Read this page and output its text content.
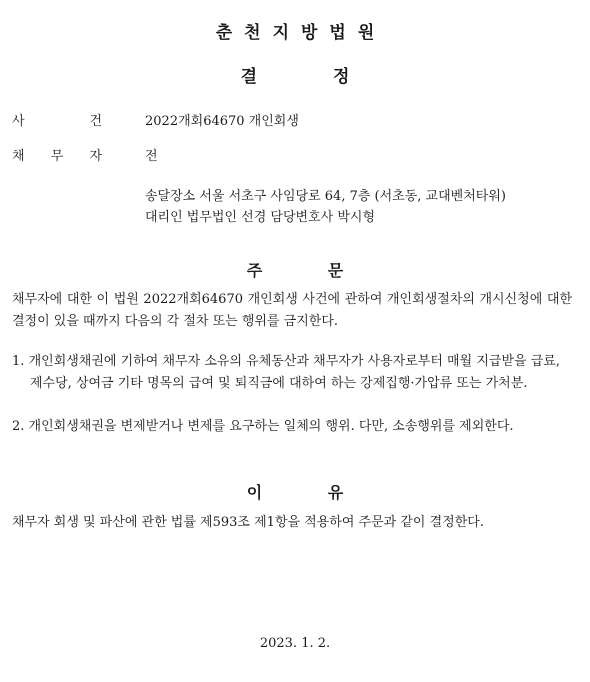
춘천지방법원
결 정
사	건	2022개회64670 개인회생
채 무 자	전
송달장소 서울 서초구 사임당로 64, 7층 (서초동, 교대벤처타워)
대리인 법무법인 선경 담당변호사 박시형
주 문
채무자에 대한 이 법원 2022개회64670 개인회생 사건에 관하여 개인회생절차의 개시신청에 대한 결정이 있을 때까지 다음의 각 절차 또는 행위를 금지한다.
1. 개인회생채권에 기하여 채무자 소유의 유체동산과 채무자가 사용자로부터 매월 지급받을 급료, 제수당, 상여금 기타 명목의 급여 및 퇴직금에 대하여 하는 강제집행·가압류 또는 가처분.
2. 개인회생채권을 변제받거나 변제를 요구하는 일체의 행위. 다만, 소송행위를 제외한다.
이 유
채무자 회생 및 파산에 관한 법률 제593조 제1항을 적용하여 주문과 같이 결정한다.
2023. 1. 2.
